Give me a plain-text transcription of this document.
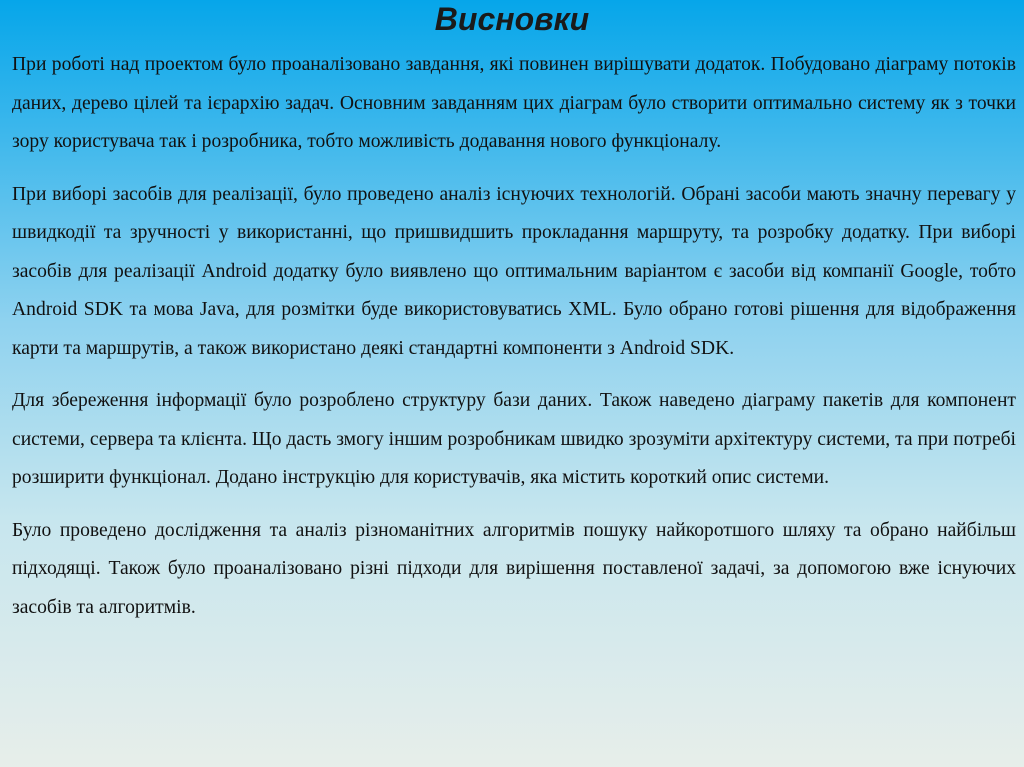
Висновки

При роботі над проектом було проаналізовано завдання, які повинен вирішувати додаток. Побудовано діаграму потоків даних, дерево цілей та ієрархію задач. Основним завданням цих діаграм було створити оптимально систему як з точки зору користувача так і розробника, тобто можливість додавання нового функціоналу.

При виборі засобів для реалізації, було проведено аналіз існуючих технологій. Обрані засоби мають значну перевагу у швидкодії та зручності у використанні, що пришвидшить прокладання маршруту, та розробку додатку. При виборі засобів для реалізації Android додатку було виявлено що оптимальним варіантом є засоби від компанії Google, тобто Android SDK та мова Java, для розмітки буде використовуватись XML. Було обрано готові рішення для відображення карти та маршрутів, а також використано деякі стандартні компоненти з Android SDK.

Для збереження інформації було розроблено структуру бази даних. Також наведено діаграму пакетів для компонент системи, сервера та клієнта. Що дасть змогу іншим розробникам швидко зрозуміти архітектуру системи, та при потребі розширити функціонал. Додано інструкцію для користувачів, яка містить короткий опис системи.

Було проведено дослідження та аналіз різноманітних алгоритмів пошуку найкоротшого шляху та обрано найбільш підходящі. Також було проаналізовано різні підходи для вирішення поставленої задачі, за допомогою вже існуючих засобів та алгоритмів.
